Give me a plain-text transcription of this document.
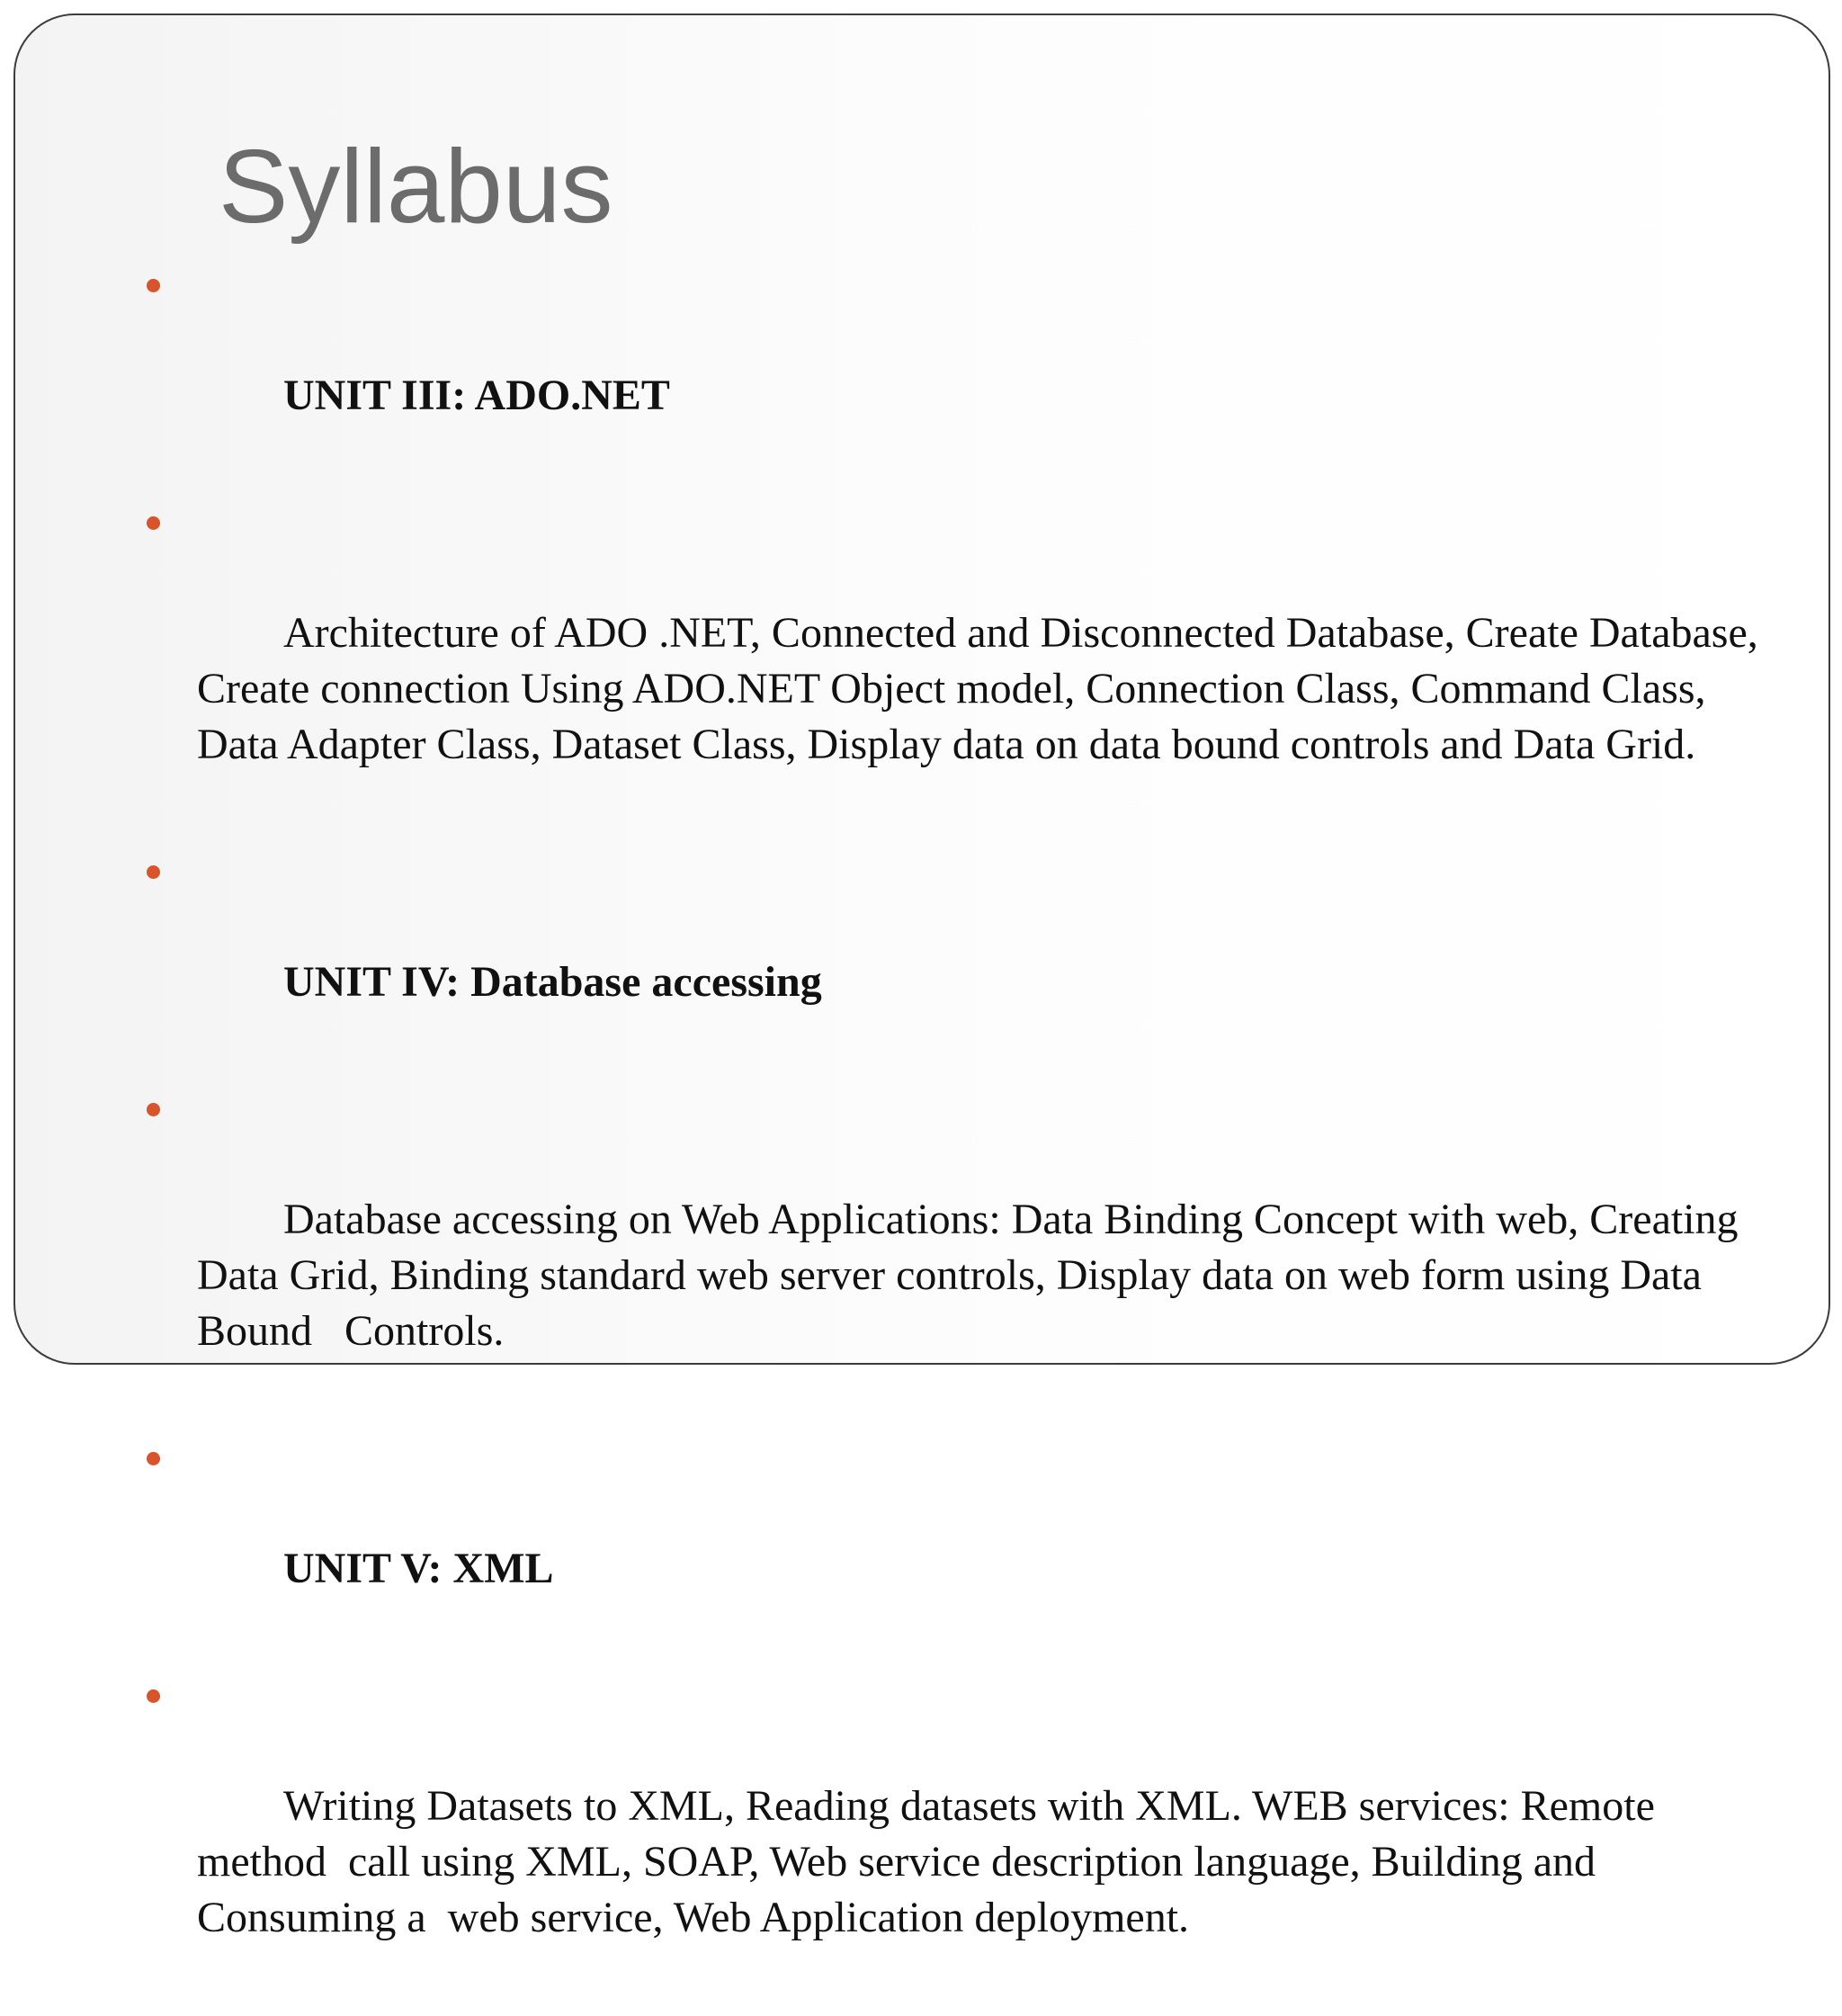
Syllabus

UNIT III: ADO.NET

Architecture of ADO .NET, Connected and Disconnected Database, Create Database, Create connection Using ADO.NET Object model, Connection Class, Command Class,   Data Adapter Class, Dataset Class, Display data on data bound controls and Data Grid.

UNIT IV: Database accessing

Database accessing on Web Applications: Data Binding Concept with web, Creating Data Grid, Binding standard web server controls, Display data on web form using Data Bound   Controls.

UNIT V: XML

Writing Datasets to XML, Reading datasets with XML. WEB services: Remote method  call using XML, SOAP, Web service description language, Building and Consuming a  web service, Web Application deployment.
